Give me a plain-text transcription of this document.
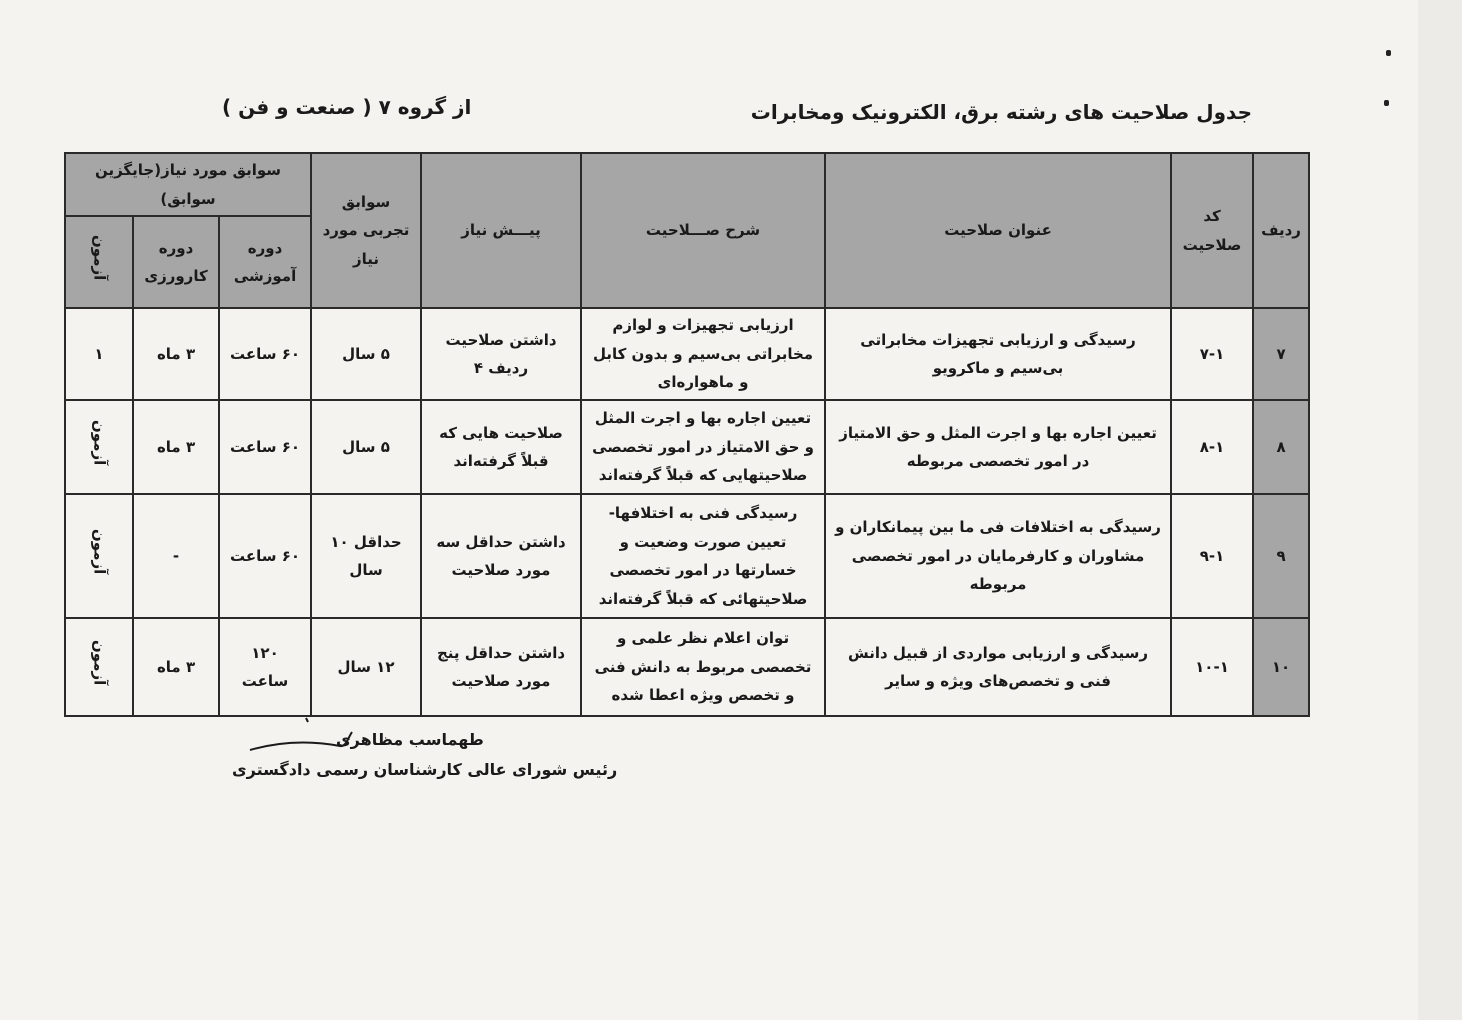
جدول صلاحیت های رشته برق، الکترونیک ومخابرات
از گروه ۷ ( صنعت و فن )
ردیف	کد صلاحیت	عنوان صلاحیت	شرح صـــلاحیت	پیـــش نیاز	سوابق تجربی مورد نیاز	سوابق مورد نیاز(جایگزین سوابق)		
						دوره آموزشی	دوره کارورزی	آزمون
۷	۷-۱	رسیدگی و ارزیابی تجهیزات مخابراتی بی‌سیم و ماکرویو	ارزیابی تجهیزات و لوازم مخابراتی بی‌سیم و بدون کابل و ماهواره‌ای	داشتن صلاحیت ردیف ۴	۵ سال	۶۰ ساعت	۳ ماه	۱
۸	۸-۱	تعیین اجاره بها و اجرت المثل و حق الامتیاز در امور تخصصی مربوطه	تعیین اجاره بها و اجرت المثل و حق الامتیاز در امور تخصصی صلاحیتهایی که قبلاً گرفته‌اند	صلاحیت هایی که قبلاً گرفته‌اند	۵ سال	۶۰ ساعت	۳ ماه	آزمون
۹	۹-۱	رسیدگی به اختلافات فی ما بین پیمانکاران و مشاوران و کارفرمایان در امور تخصصی مربوطه	رسیدگی فنی به اختلافها- تعیین صورت وضعیت و خسارتها در امور تخصصی صلاحیتهائی که قبلاً گرفته‌اند	داشتن حداقل سه مورد صلاحیت	حداقل ۱۰ سال	۶۰ ساعت	-	آزمون
۱۰	۱۰-۱	رسیدگی و ارزیابی مواردی از قبیل دانش فنی و تخصص‌های ویژه و سایر	توان اعلام نظر علمی و تخصصی مربوط به دانش فنی و تخصص ویژه اعطا شده	داشتن حداقل پنج مورد صلاحیت	۱۲ سال	۱۲۰ ساعت	۳ ماه	آزمون
طهماسب مظاهری
رئیس شورای عالی کارشناسان رسمی دادگستری
